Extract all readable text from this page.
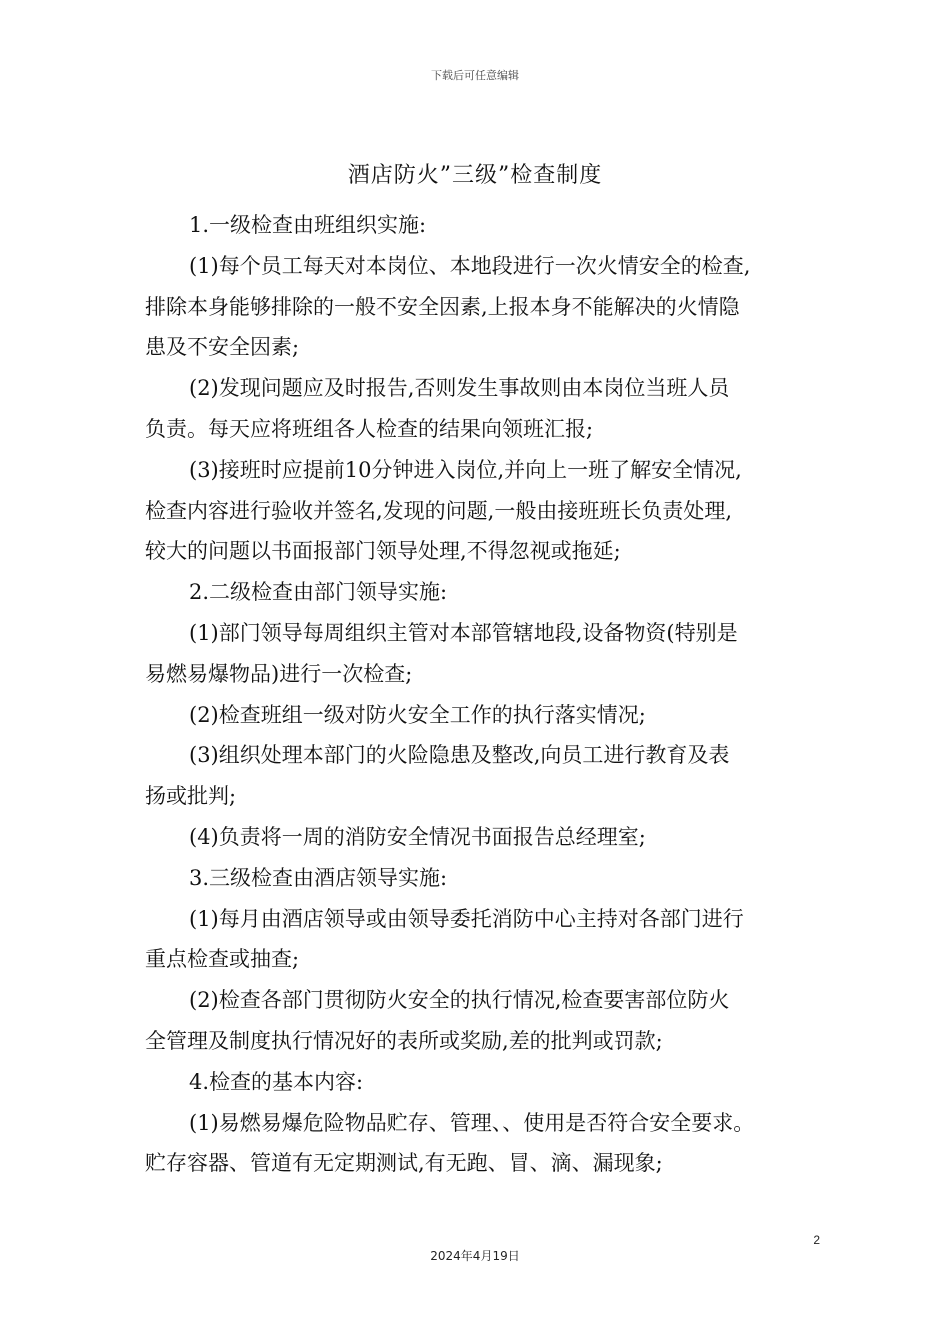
下载后可任意编辑
酒店防火”三级”检查制度
1.一级检查由班组织实施:
(1)每个员工每天对本岗位、本地段进行一次火情安全的检查,
排除本身能够排除的一般不安全因素,上报本身不能解决的火情隐
患及不安全因素;
(2)发现问题应及时报告,否则发生事故则由本岗位当班人员
负责。每天应将班组各人检查的结果向领班汇报;
(3)接班时应提前10分钟进入岗位,并向上一班了解安全情况,
检查内容进行验收并签名,发现的问题,一般由接班班长负责处理,
较大的问题以书面报部门领导处理,不得忽视或拖延;
2.二级检查由部门领导实施:
(1)部门领导每周组织主管对本部管辖地段,设备物资(特别是
易燃易爆物品)进行一次检查;
(2)检查班组一级对防火安全工作的执行落实情况;
(3)组织处理本部门的火险隐患及整改,向员工进行教育及表
扬或批判;
(4)负责将一周的消防安全情况书面报告总经理室;
3.三级检查由酒店领导实施:
(1)每月由酒店领导或由领导委托消防中心主持对各部门进行
重点检查或抽查;
(2)检查各部门贯彻防火安全的执行情况,检查要害部位防火
全管理及制度执行情况好的表所或奖励,差的批判或罚款;
4.检查的基本内容:
(1)易燃易爆危险物品贮存、管理、、使用是否符合安全要求。
贮存容器、管道有无定期测试,有无跑、冒、滴、漏现象;
2
2024年4月19日
